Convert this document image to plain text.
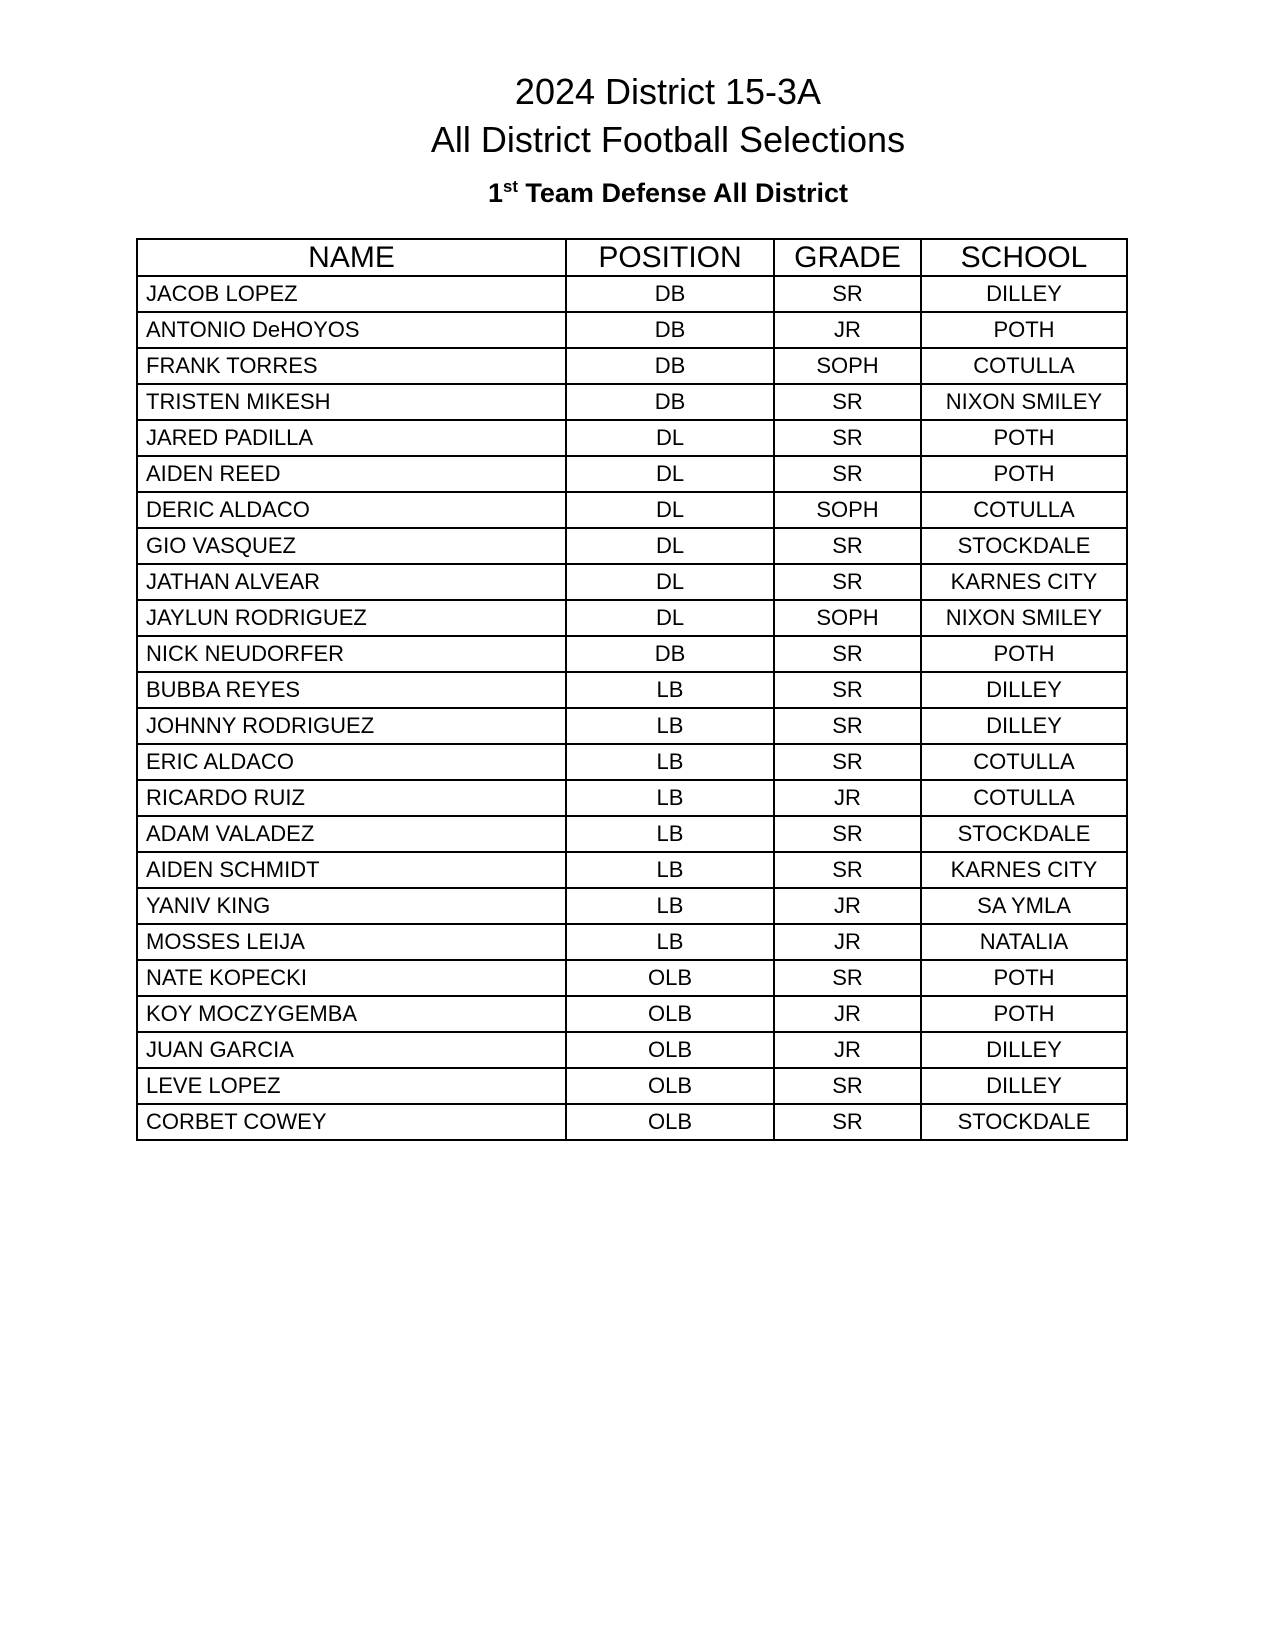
2024 District 15-3A
All District Football Selections
1st Team Defense All District
NAME	POSITION	GRADE	SCHOOL
JACOB LOPEZ	DB	SR	DILLEY
ANTONIO DeHOYOS	DB	JR	POTH
FRANK TORRES	DB	SOPH	COTULLA
TRISTEN MIKESH	DB	SR	NIXON SMILEY
JARED PADILLA	DL	SR	POTH
AIDEN REED	DL	SR	POTH
DERIC ALDACO	DL	SOPH	COTULLA
GIO VASQUEZ	DL	SR	STOCKDALE
JATHAN ALVEAR	DL	SR	KARNES CITY
JAYLUN RODRIGUEZ	DL	SOPH	NIXON SMILEY
NICK NEUDORFER	DB	SR	POTH
BUBBA REYES	LB	SR	DILLEY
JOHNNY RODRIGUEZ	LB	SR	DILLEY
ERIC ALDACO	LB	SR	COTULLA
RICARDO RUIZ	LB	JR	COTULLA
ADAM VALADEZ	LB	SR	STOCKDALE
AIDEN SCHMIDT	LB	SR	KARNES CITY
YANIV KING	LB	JR	SA YMLA
MOSSES LEIJA	LB	JR	NATALIA
NATE KOPECKI	OLB	SR	POTH
KOY MOCZYGEMBA	OLB	JR	POTH
JUAN GARCIA	OLB	JR	DILLEY
LEVE LOPEZ	OLB	SR	DILLEY
CORBET COWEY	OLB	SR	STOCKDALE
